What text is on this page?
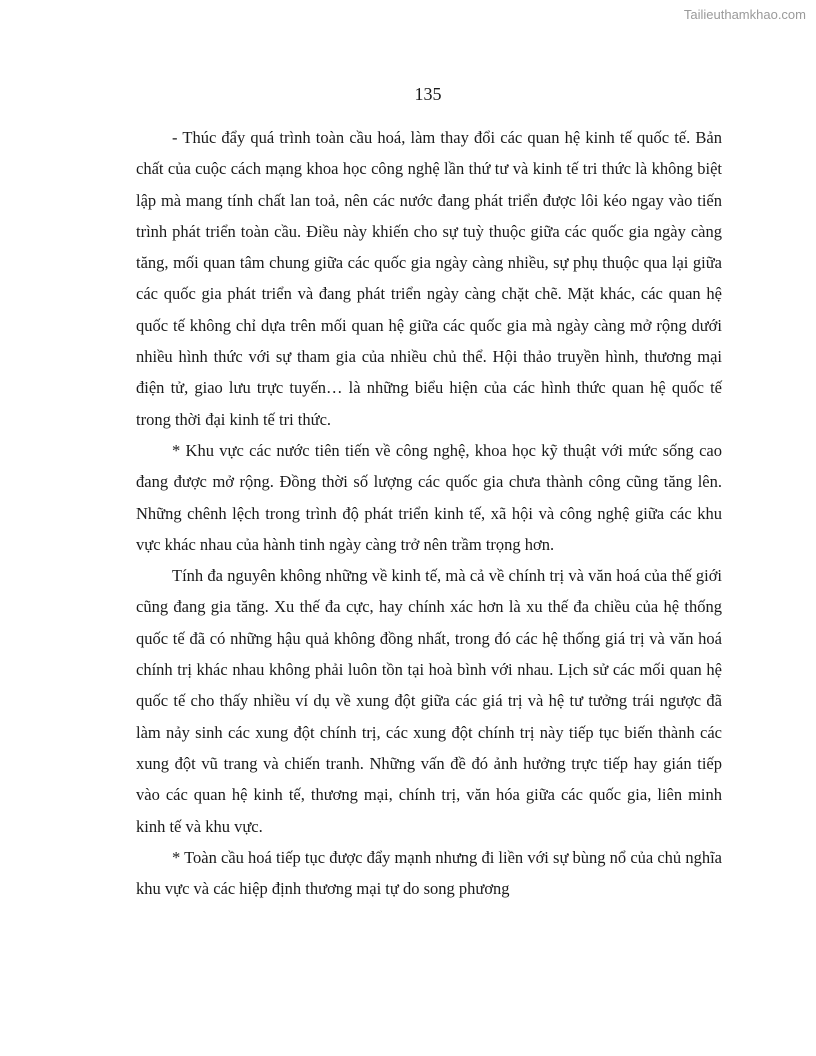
Tailieuthamkhao.com
135

- Thúc đẩy quá trình toàn cầu hoá, làm thay đổi các quan hệ kinh tế quốc tế. Bản chất của cuộc cách mạng khoa học công nghệ lần thứ tư và kinh tế tri thức là không biệt lập mà mang tính chất lan toả, nên các nước đang phát triển được lôi kéo ngay vào tiến trình phát triển toàn cầu. Điều này khiến cho sự tuỳ thuộc giữa các quốc gia ngày càng tăng, mối quan tâm chung giữa các quốc gia ngày càng nhiều, sự phụ thuộc qua lại giữa các quốc gia phát triển và đang phát triển ngày càng chặt chẽ. Mặt khác, các quan hệ quốc tế không chỉ dựa trên mối quan hệ giữa các quốc gia mà ngày càng mở rộng dưới nhiều hình thức với sự tham gia của nhiều chủ thể. Hội thảo truyền hình, thương mại điện tử, giao lưu trực tuyến… là những biểu hiện của các hình thức quan hệ quốc tế trong thời đại kinh tế tri thức.

* Khu vực các nước tiên tiến về công nghệ, khoa học kỹ thuật với mức sống cao đang được mở rộng. Đồng thời số lượng các quốc gia chưa thành công cũng tăng lên. Những chênh lệch trong trình độ phát triển kinh tế, xã hội và công nghệ giữa các khu vực khác nhau của hành tinh ngày càng trở nên trầm trọng hơn.

Tính đa nguyên không những về kinh tế, mà cả về chính trị và văn hoá của thế giới cũng đang gia tăng. Xu thế đa cực, hay chính xác hơn là xu thế đa chiều của hệ thống quốc tế đã có những hậu quả không đồng nhất, trong đó các hệ thống giá trị và văn hoá chính trị khác nhau không phải luôn tồn tại hoà bình với nhau. Lịch sử các mối quan hệ quốc tế cho thấy nhiều ví dụ về xung đột giữa các giá trị và hệ tư tưởng trái ngược đã làm nảy sinh các xung đột chính trị, các xung đột chính trị này tiếp tục biến thành các xung đột vũ trang và chiến tranh. Những vấn đề đó ảnh hưởng trực tiếp hay gián tiếp vào các quan hệ kinh tế, thương mại, chính trị, văn hóa giữa các quốc gia, liên minh kinh tế và khu vực.

* Toàn cầu hoá tiếp tục được đẩy mạnh nhưng đi liền với sự bùng nổ của chủ nghĩa khu vực và các hiệp định thương mại tự do song phương
